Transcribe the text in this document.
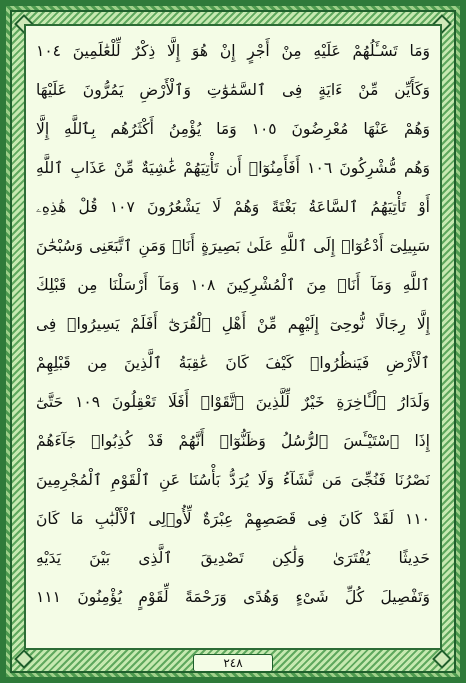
وَمَا تَسْـَٔلُهُمْ عَلَيْهِ مِنْ أَجْرٍ إِنْ هُوَ إِلَّا ذِكْرٌ لِّلْعَٰلَمِينَ ١٠٤
وَكَأَيِّن مِّنْ ءَايَةٍ فِى ٱلسَّمَٰوَٰتِ وَٱلْأَرْضِ يَمُرُّونَ عَلَيْهَا
وَهُمْ عَنْهَا مُعْرِضُونَ ١٠٥ وَمَا يُؤْمِنُ أَكْثَرُهُم بِٱللَّهِ إِلَّا
وَهُم مُّشْرِكُونَ ١٠٦ أَفَأَمِنُوٓا۟ أَن تَأْتِيَهُمْ غَٰشِيَةٌ مِّنْ عَذَابِ ٱللَّهِ
أَوْ تَأْتِيَهُمُ ٱلسَّاعَةُ بَغْتَةً وَهُمْ لَا يَشْعُرُونَ ١٠٧ قُلْ هَٰذِهِۦ
سَبِيلِىٓ أَدْعُوٓا۟ إِلَى ٱللَّهِ عَلَىٰ بَصِيرَةٍ أَنَا۠ وَمَنِ ٱتَّبَعَنِى وَسُبْحَٰنَ
ٱللَّهِ وَمَآ أَنَا۠ مِنَ ٱلْمُشْرِكِينَ ١٠٨ وَمَآ أَرْسَلْنَا مِن قَبْلِكَ
إِلَّا رِجَالًا نُّوحِىٓ إِلَيْهِم مِّنْ أَهْلِ ٱلْقُرَىٰٓ أَفَلَمْ يَسِيرُوا۟ فِى
ٱلْأَرْضِ فَيَنظُرُوا۟ كَيْفَ كَانَ عَٰقِبَةُ ٱلَّذِينَ مِن قَبْلِهِمْ
وَلَدَارُ ٱلْـَٔاخِرَةِ خَيْرٌ لِّلَّذِينَ ٱتَّقَوْا۟ أَفَلَا تَعْقِلُونَ ١٠٩ حَتَّىٰٓ
إِذَا ٱسْتَيْـَٔسَ ٱلرُّسُلُ وَظَنُّوٓا۟ أَنَّهُمْ قَدْ كُذِبُوا۟ جَآءَهُمْ
نَصْرُنَا فَنُجِّىَ مَن نَّشَآءُ وَلَا يُرَدُّ بَأْسُنَا عَنِ ٱلْقَوْمِ ٱلْمُجْرِمِينَ
١١٠ لَقَدْ كَانَ فِى قَصَصِهِمْ عِبْرَةٌ لِّأُو۟لِى ٱلْأَلْبَٰبِ مَا كَانَ
حَدِيثًا يُفْتَرَىٰ وَلَٰكِن تَصْدِيقَ ٱلَّذِى بَيْنَ يَدَيْهِ
وَتَفْصِيلَ كُلِّ شَىْءٍ وَهُدًى وَرَحْمَةً لِّقَوْمٍ يُؤْمِنُونَ ١١١
٢٤٨
